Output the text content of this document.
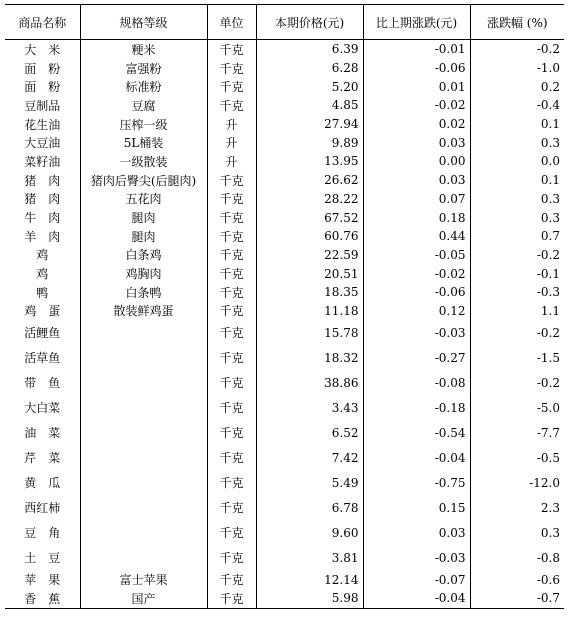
商品名称	规格等级	单位	本期价格(元)	比上期涨跌(元)	涨跌幅 (%)
大　米	粳米	千克	6.39	-0.01	-0.2
面　粉	富强粉	千克	6.28	-0.06	-1.0
面　粉	标准粉	千克	5.20	0.01	0.2
豆制品	豆腐	千克	4.85	-0.02	-0.4
花生油	压榨一级	升	27.94	0.02	0.1
大豆油	5L桶装	升	9.89	0.03	0.3
菜籽油	一级散装	升	13.95	0.00	0.0
猪　肉	猪肉后臀尖(后腿肉)	千克	26.62	0.03	0.1
猪　肉	五花肉	千克	28.22	0.07	0.3
牛　肉	腿肉	千克	67.52	0.18	0.3
羊　肉	腿肉	千克	60.76	0.44	0.7
鸡	白条鸡	千克	22.59	-0.05	-0.2
鸡	鸡胸肉	千克	20.51	-0.02	-0.1
鸭	白条鸭	千克	18.35	-0.06	-0.3
鸡　蛋	散装鲜鸡蛋	千克	11.18	0.12	1.1
活鲤鱼		千克	15.78	-0.03	-0.2
活草鱼		千克	18.32	-0.27	-1.5
带　鱼		千克	38.86	-0.08	-0.2
大白菜		千克	3.43	-0.18	-5.0
油　菜		千克	6.52	-0.54	-7.7
芹　菜		千克	7.42	-0.04	-0.5
黄　瓜		千克	5.49	-0.75	-12.0
西红柿		千克	6.78	0.15	2.3
豆　角		千克	9.60	0.03	0.3
土　豆		千克	3.81	-0.03	-0.8
苹　果	富士苹果	千克	12.14	-0.07	-0.6
香　蕉	国产	千克	5.98	-0.04	-0.7
